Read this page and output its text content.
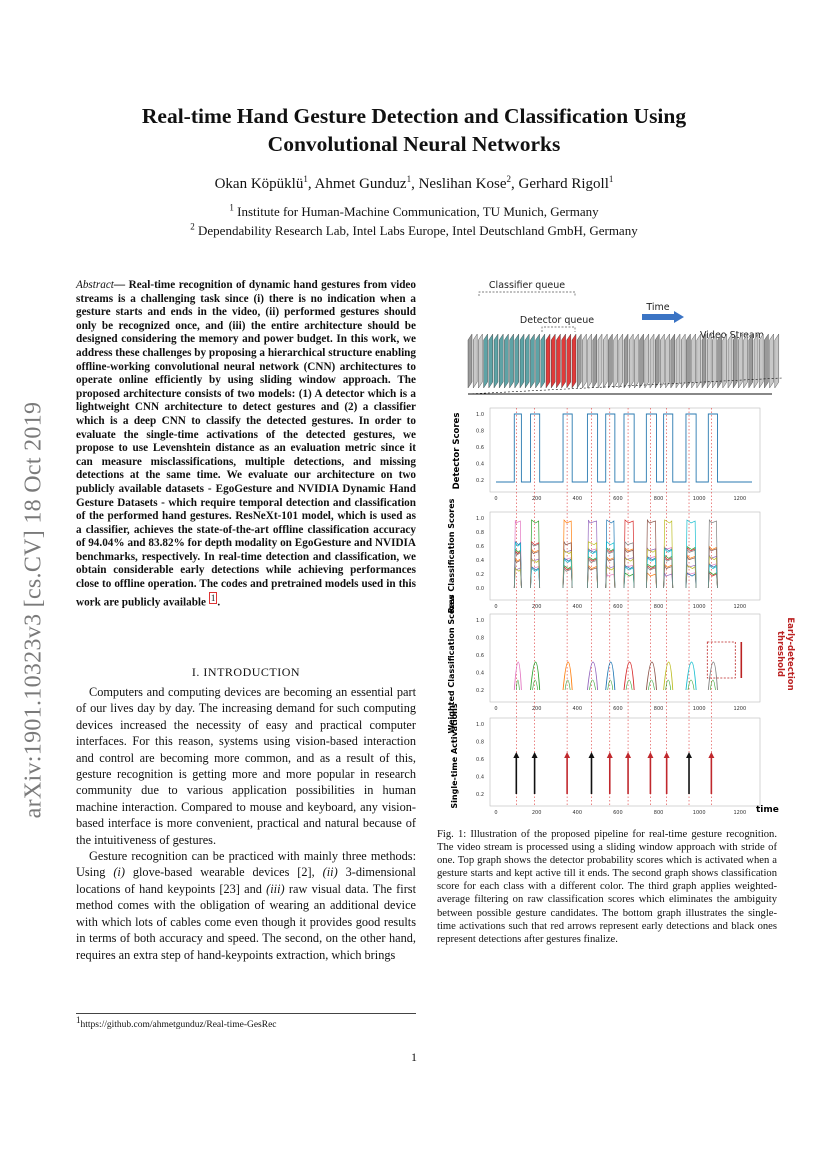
arXiv:1901.10323v3 [cs.CV] 18 Oct 2019
Real-time Hand Gesture Detection and Classification Using
Convolutional Neural Networks
Okan Köpüklü$^1$, Ahmet Gunduz$^1$, Neslihan Kose$^2$, Gerhard Rigoll$^1$
$^1$ Institute for Human-Machine Communication, TU Munich, Germany
$^2$ Dependability Research Lab, Intel Labs Europe, Intel Deutschland GmbH, Germany
Abstract— Real-time recognition of dynamic hand gestures from video streams is a challenging task since (i) there is no indication when a gesture starts and ends in the video, (ii) performed gestures should only be recognized once, and (iii) the entire architecture should be designed considering the memory and power budget. In this work, we address these challenges by proposing a hierarchical structure enabling offline-working convolutional neural network (CNN) architectures to operate online efficiently by using sliding window approach. The proposed architecture consists of two models: (1) A detector which is a lightweight CNN architecture to detect gestures and (2) a classifier which is a deep CNN to classify the detected gestures. In order to evaluate the single-time activations of the detected gestures, we propose to use Levenshtein distance as an evaluation metric since it can measure misclassifications, multiple detections, and missing detections at the same time. We evaluate our architecture on two publicly available datasets - EgoGesture and NVIDIA Dynamic Hand Gesture Datasets - which require temporal detection and classification of the performed hand gestures. ResNeXt-101 model, which is used as a classifier, achieves the state-of-the-art offline classification accuracy of 94.04% and 83.82% for depth modality on EgoGesture and NVIDIA benchmarks, respectively. In real-time detection and classification, we obtain considerable early detections while achieving performances close to offline operation. The codes and pretrained models used in this work are publicly available $^1$ .
I. INTRODUCTION

Computers and computing devices are becoming an essential part of our lives day by day. The increasing demand for such computing devices increased the necessity of easy and practical computer interfaces. For this reason, systems using vision-based interaction and control are becoming more common, and as a result of this, gesture recognition is getting more and more popular in research community due to various application possibilities in human machine interaction. Compared to mouse and keyboard, any vision-based interface is more convenient, practical and natural because of the intuitiveness of gestures.

Gesture recognition can be practiced with mainly three methods: Using (i) glove-based wearable devices [2], (ii) 3-dimensional locations of hand keypoints [23] and (iii) raw visual data. The first method comes with the obligation of wearing an additional device with which lots of cables come even though it provides good results in terms of both accuracy and speed. The second, on the other hand, requires an extra step of hand-keypoints extraction, which brings

$^1$https://github.com/ahmetgunduz/Real-time-GesRec
1
Classifier queue
Detector queue
Time
Video
1.0
0.8
0.6
0.4
0.2
0	200	400	600	800	1000	1200
1.0
0.8
0.6
0.4
0.2
0.0
0	200	400	600	800	1000	1200
1.0
0.8
0.6
0.4
0.2
0	200	400	600	800	1000	1200
1.0
0.8
0.6
0.4
0.2
0	200	400	600	800	1000	1200
Detector Scores
Raw Classification Scores
Weighted Classification Scores
Single-time Activations
Early-detection
threshold
time
Fig. 1: Illustration of the proposed pipeline for real-time gesture recognition. The video stream is processed using a sliding window approach with stride of one. Top graph shows the detector probability scores which is activated when a gesture starts and kept active till it ends. The second graph shows classification score for each class with a different color. The third graph applies weighted-average filtering on raw classification scores which eliminates the ambiguity between possible gesture candidates. The bottom graph illustrates the single-time activations such that red arrows represent early detections and black ones represent detections after gestures finalize.
